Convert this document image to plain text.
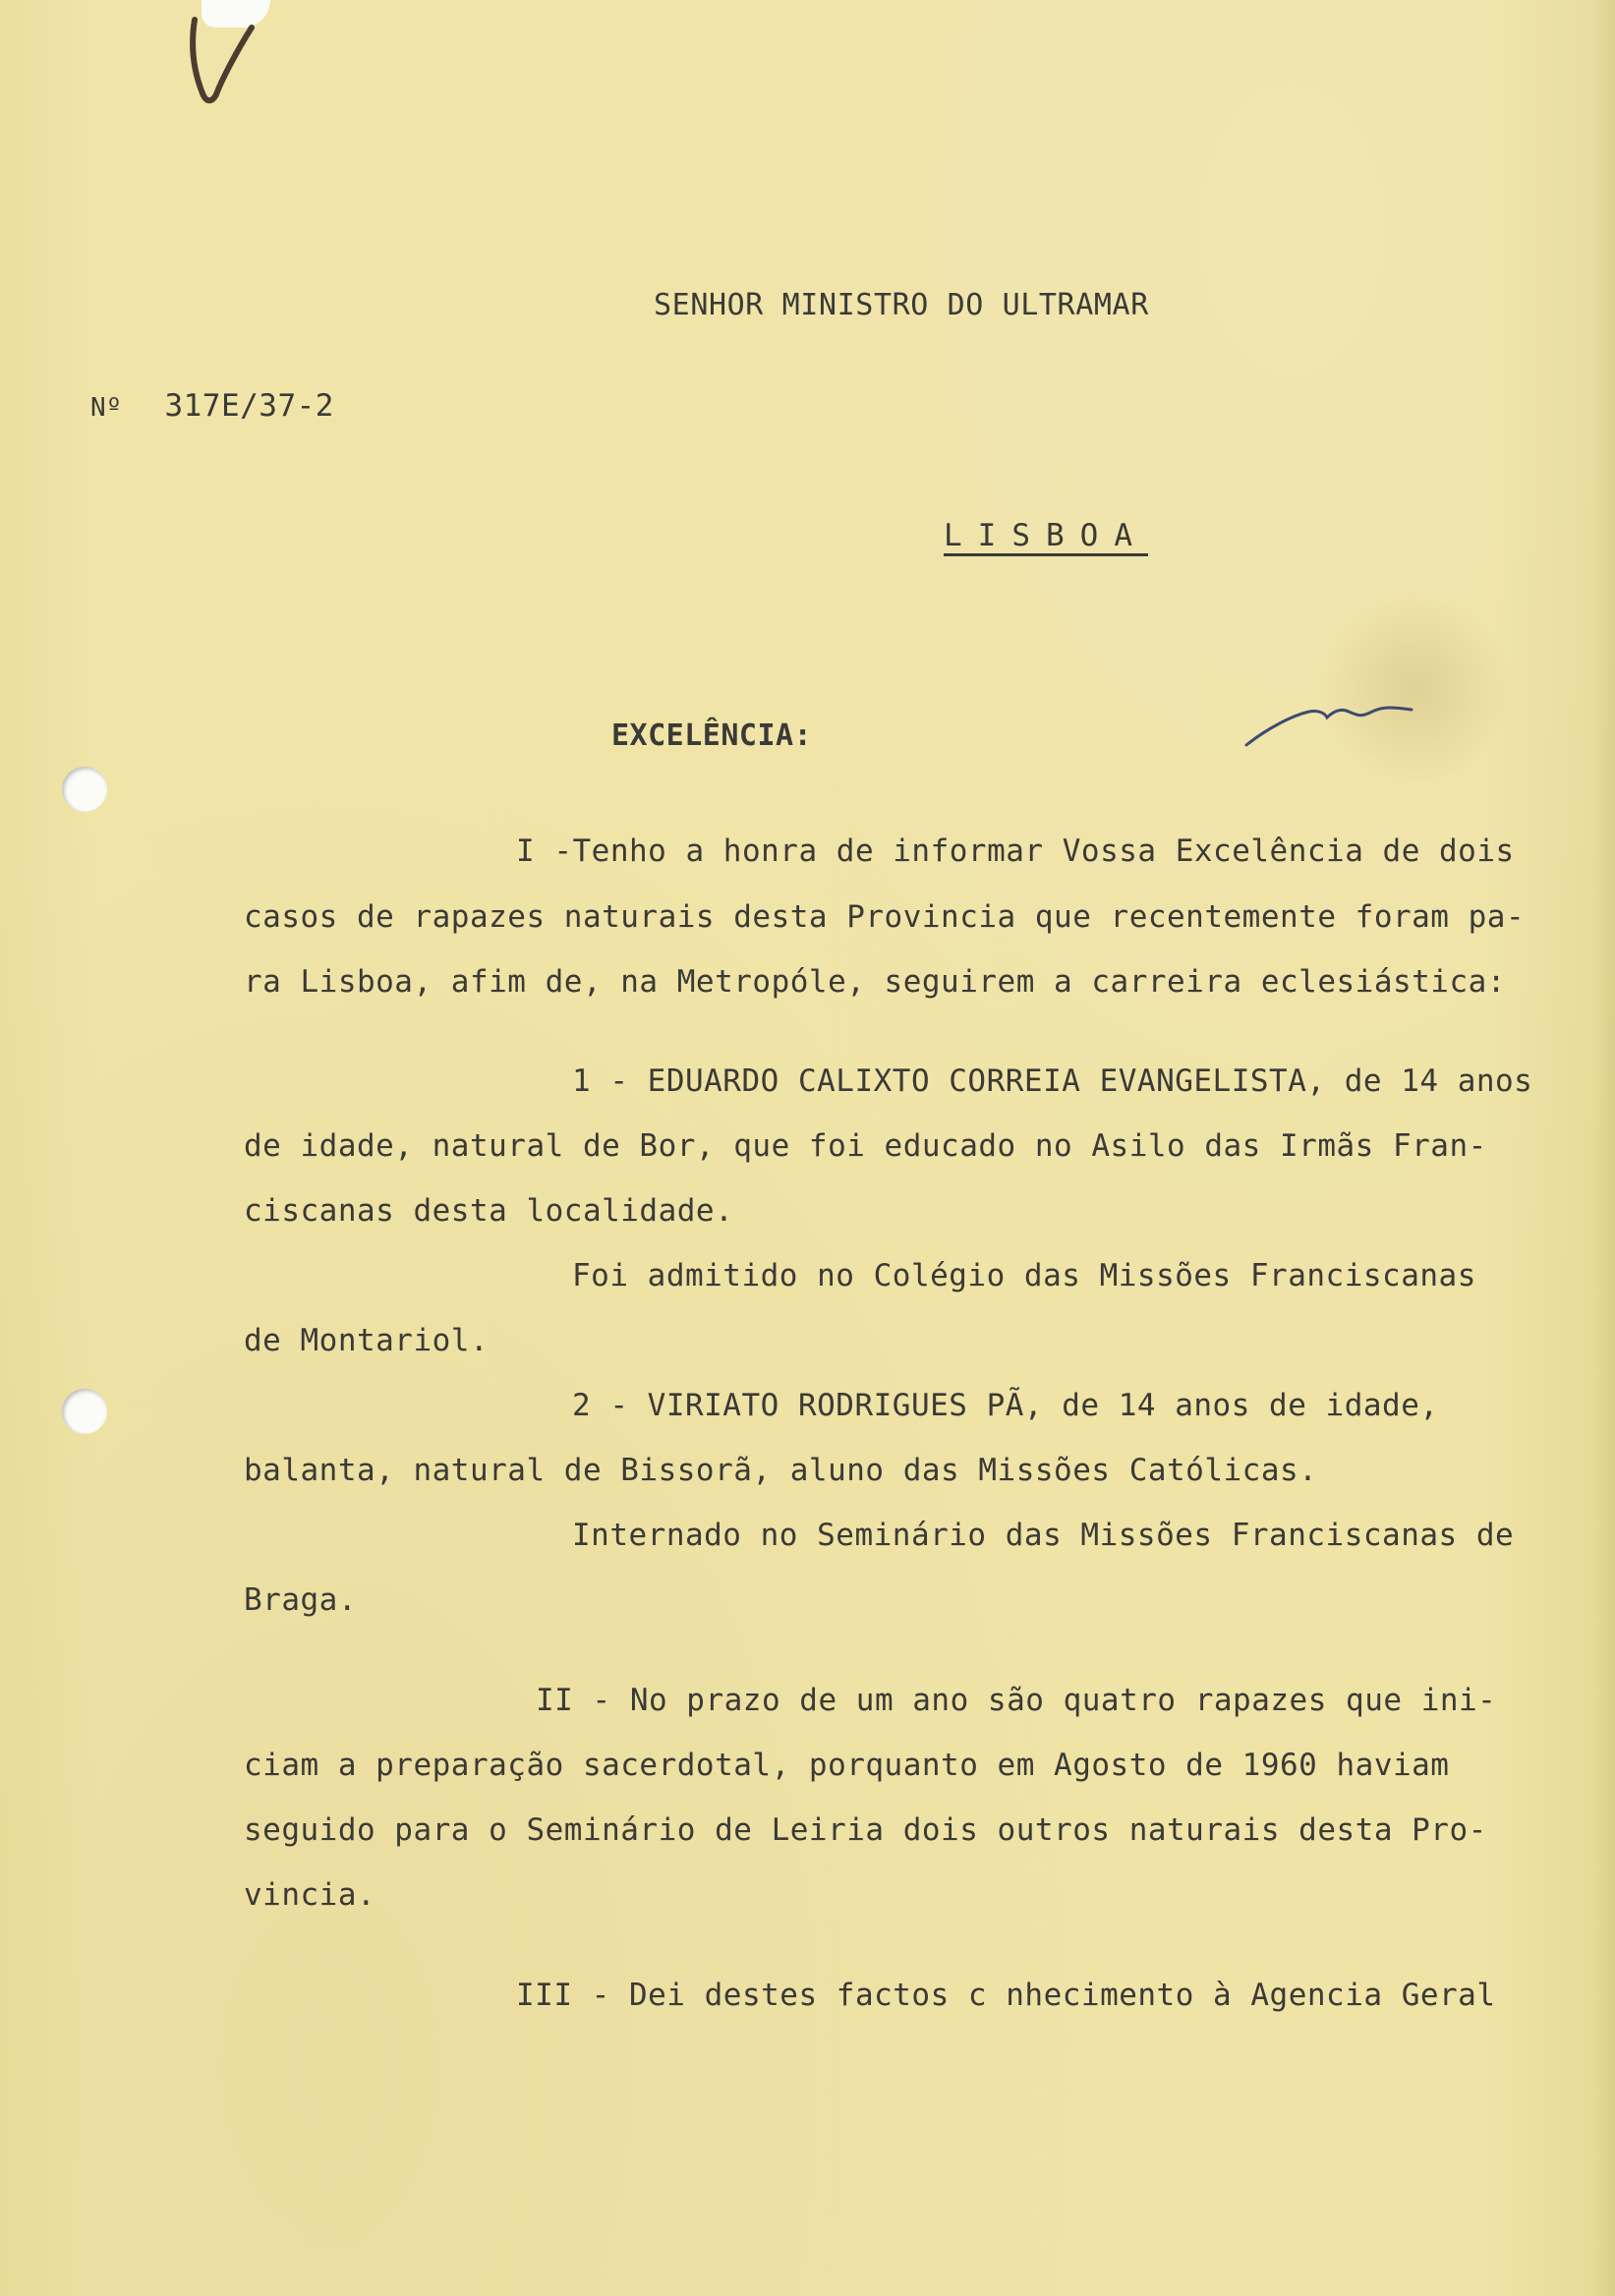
SENHOR MINISTRO DO ULTRAMAR
Nº 317E/37-2
LISBOA
EXCELÊNCIA:
I -Tenho a honra de informar Vossa Excelência de dois
casos de rapazes naturais desta Provincia que recentemente foram pa-
ra Lisboa, afim de, na Metropóle, seguirem a carreira eclesiástica:
1 - EDUARDO CALIXTO CORREIA EVANGELISTA, de 14 anos
de idade, natural de Bor, que foi educado no Asilo das Irmãs Fran-
ciscanas desta localidade.
Foi admitido no Colégio das Missões Franciscanas
de Montariol.
2 - VIRIATO RODRIGUES PÃ, de 14 anos de idade,
balanta, natural de Bissorã, aluno das Missões Católicas.
Internado no Seminário das Missões Franciscanas de
Braga.
II - No prazo de um ano são quatro rapazes que ini-
ciam a preparação sacerdotal, porquanto em Agosto de 1960 haviam
seguido para o Seminário de Leiria dois outros naturais desta Pro-
vincia.
III - Dei destes factos c nhecimento à Agencia Geral
